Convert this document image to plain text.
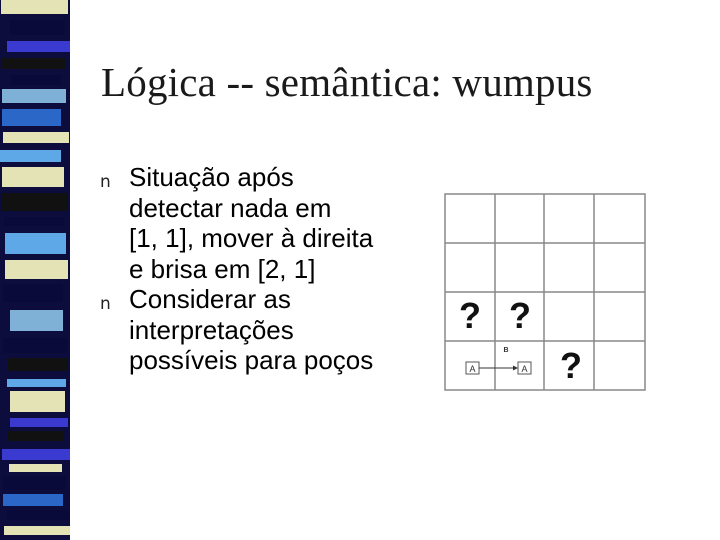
Lógica -- semântica: wumpus
n Situação após
detectar nada em
[1, 1], mover à direita
e brisa em [2, 1]
n Considerar as
interpretações
possíveis para poços
? ?
?
A	A
B
